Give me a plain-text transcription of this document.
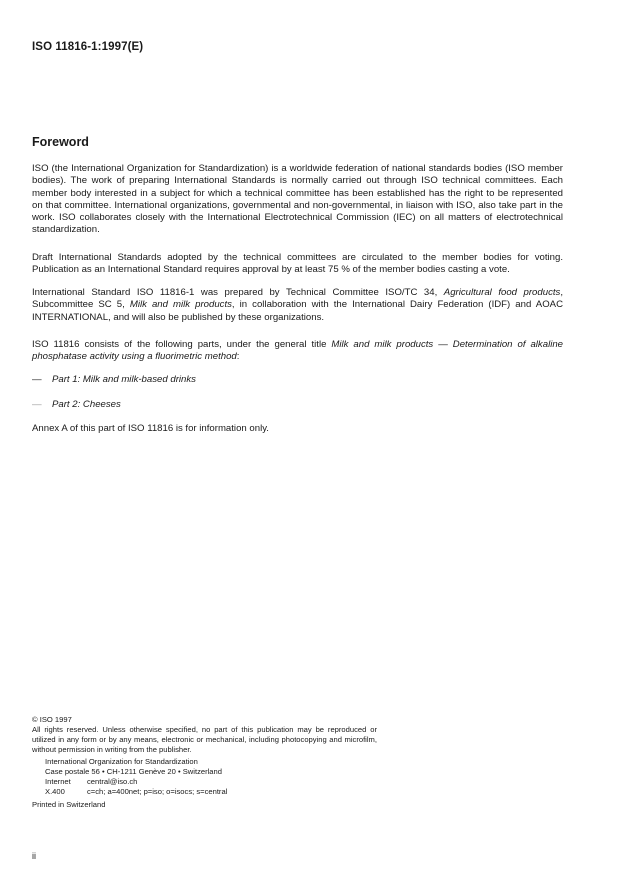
ISO 11816-1:1997(E)
Foreword

ISO (the International Organization for Standardization) is a worldwide federation of national standards bodies (ISO member bodies). The work of preparing International Standards is normally carried out through ISO technical committees. Each member body interested in a subject for which a technical committee has been established has the right to be represented on that committee. International organizations, governmental and non-governmental, in liaison with ISO, also take part in the work. ISO collaborates closely with the International Electrotechnical Commission (IEC) on all matters of electrotechnical standardization.

Draft International Standards adopted by the technical committees are circulated to the member bodies for voting. Publication as an International Standard requires approval by at least 75 % of the member bodies casting a vote.

International Standard ISO 11816-1 was prepared by Technical Committee ISO/TC 34, Agricultural food products, Subcommittee SC 5, Milk and milk products, in collaboration with the International Dairy Federation (IDF) and AOAC INTERNATIONAL, and will also be published by these organizations.

ISO 11816 consists of the following parts, under the general title Milk and milk products — Determination of alkaline phosphatase activity using a fluorimetric method:

— Part 1: Milk and milk-based drinks
— Part 2: Cheeses

Annex A of this part of ISO 11816 is for information only.

© ISO 1997
All rights reserved. Unless otherwise specified, no part of this publication may be reproduced or utilized in any form or by any means, electronic or mechanical, including photocopying and microfilm, without permission in writing from the publisher.
International Organization for Standardization
Case postale 56 • CH-1211 Genève 20 • Switzerland
Internet central@iso.ch
X.400	c=ch; a=400net; p=iso; o=isocs; s=central
Printed in Switzerland
ii
